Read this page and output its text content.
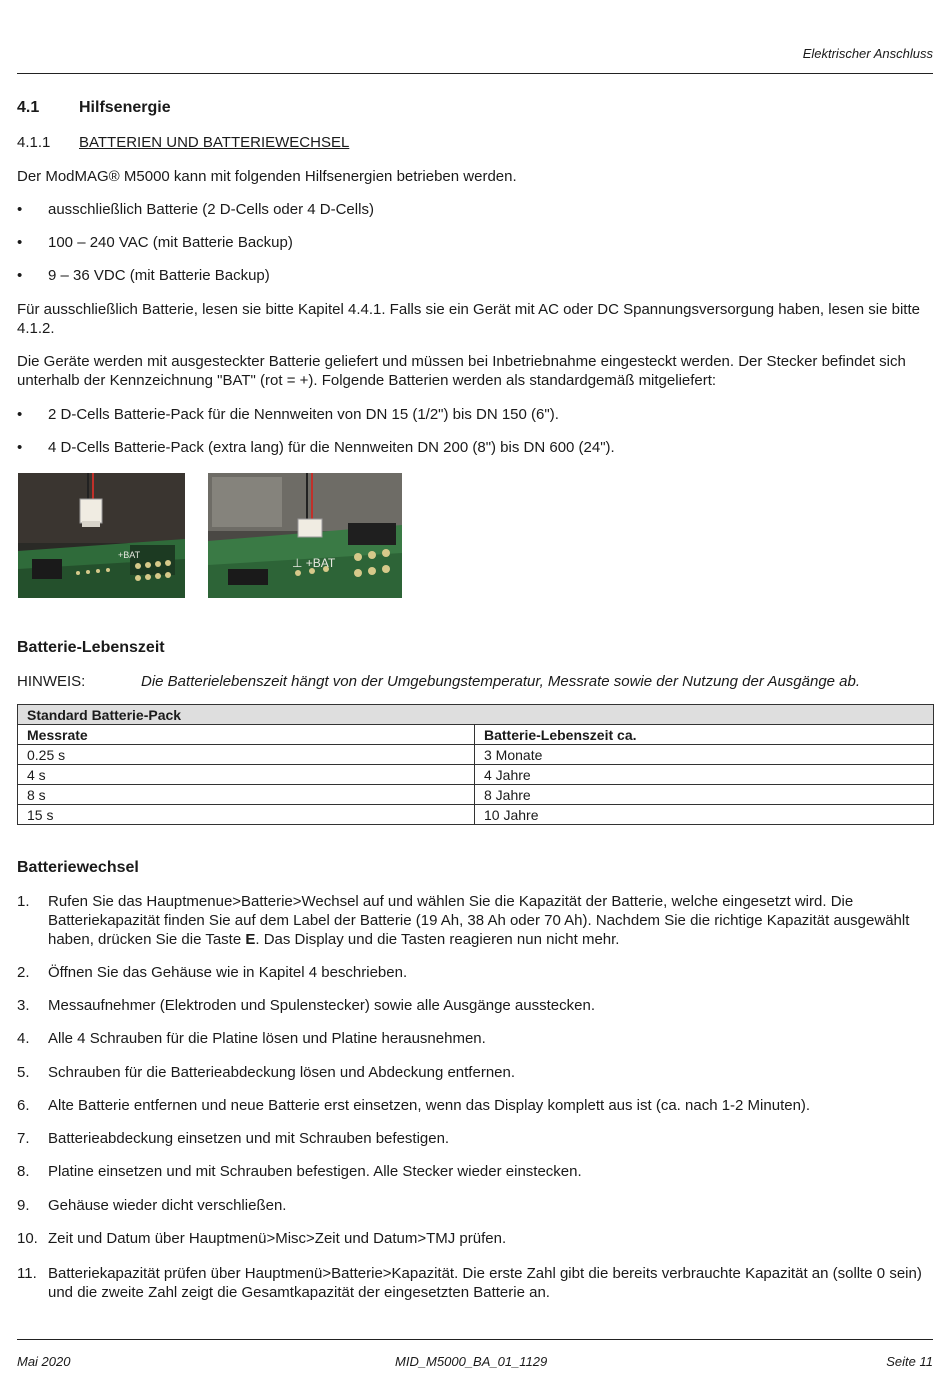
Elektrischer Anschluss
4.1 Hilfsenergie
4.1.1 BATTERIEN UND BATTERIEWECHSEL
Der ModMAG® M5000 kann mit folgenden Hilfsenergien betrieben werden.
• ausschließlich Batterie (2 D-Cells oder 4 D-Cells)
• 100 – 240 VAC (mit Batterie Backup)
• 9 – 36 VDC (mit Batterie Backup)
Für ausschließlich Batterie, lesen sie bitte Kapitel 4.4.1. Falls sie ein Gerät mit AC oder DC Spannungsversorgung haben, lesen sie bitte 4.1.2.
Die Geräte werden mit ausgesteckter Batterie geliefert und müssen bei Inbetriebnahme eingesteckt werden. Der Stecker befindet sich unterhalb der Kennzeichnung "BAT" (rot = +). Folgende Batterien werden als standardgemäß mitgeliefert:
• 2 D-Cells Batterie-Pack für die Nennweiten von DN 15 (1/2") bis DN 150 (6").
• 4 D-Cells Batterie-Pack (extra lang) für die Nennweiten DN 200 (8") bis DN 600 (24").
+BAT
⊥ +BAT
Batterie-Lebenszeit
HINWEIS:	Die Batterielebenszeit hängt von der Umgebungstemperatur, Messrate sowie der Nutzung der Ausgänge ab.
Standard Batterie-Pack	
Messrate	Batterie-Lebenszeit ca.
0.25 s	3 Monate
4 s	4 Jahre
8 s	8 Jahre
15 s	10 Jahre
Batteriewechsel
1. Rufen Sie das Hauptmenue>Batterie>Wechsel auf und wählen Sie die Kapazität der Batterie, welche eingesetzt wird. Die Batteriekapazität finden Sie auf dem Label der Batterie (19 Ah, 38 Ah oder 70 Ah). Nachdem Sie die richtige Kapazität ausgewählt haben, drücken Sie die Taste E. Das Display und die Tasten reagieren nun nicht mehr.
2. Öffnen Sie das Gehäuse wie in Kapitel 4 beschrieben.
3. Messaufnehmer (Elektroden und Spulenstecker) sowie alle Ausgänge ausstecken.
4. Alle 4 Schrauben für die Platine lösen und Platine herausnehmen.
5. Schrauben für die Batterieabdeckung lösen und Abdeckung entfernen.
6. Alte Batterie entfernen und neue Batterie erst einsetzen, wenn das Display komplett aus ist (ca. nach 1-2 Minuten).
7. Batterieabdeckung einsetzen und mit Schrauben befestigen.
8. Platine einsetzen und mit Schrauben befestigen. Alle Stecker wieder einstecken.
9. Gehäuse wieder dicht verschließen.
10. Zeit und Datum über Hauptmenü>Misc>Zeit und Datum>TMJ prüfen.
11. Batteriekapazität prüfen über Hauptmenü>Batterie>Kapazität. Die erste Zahl gibt die bereits verbrauchte Kapazität an (sollte 0 sein) und die zweite Zahl zeigt die Gesamtkapazität der eingesetzten Batterie an.
Mai 2020	MID_M5000_BA_01_1129	Seite 11
